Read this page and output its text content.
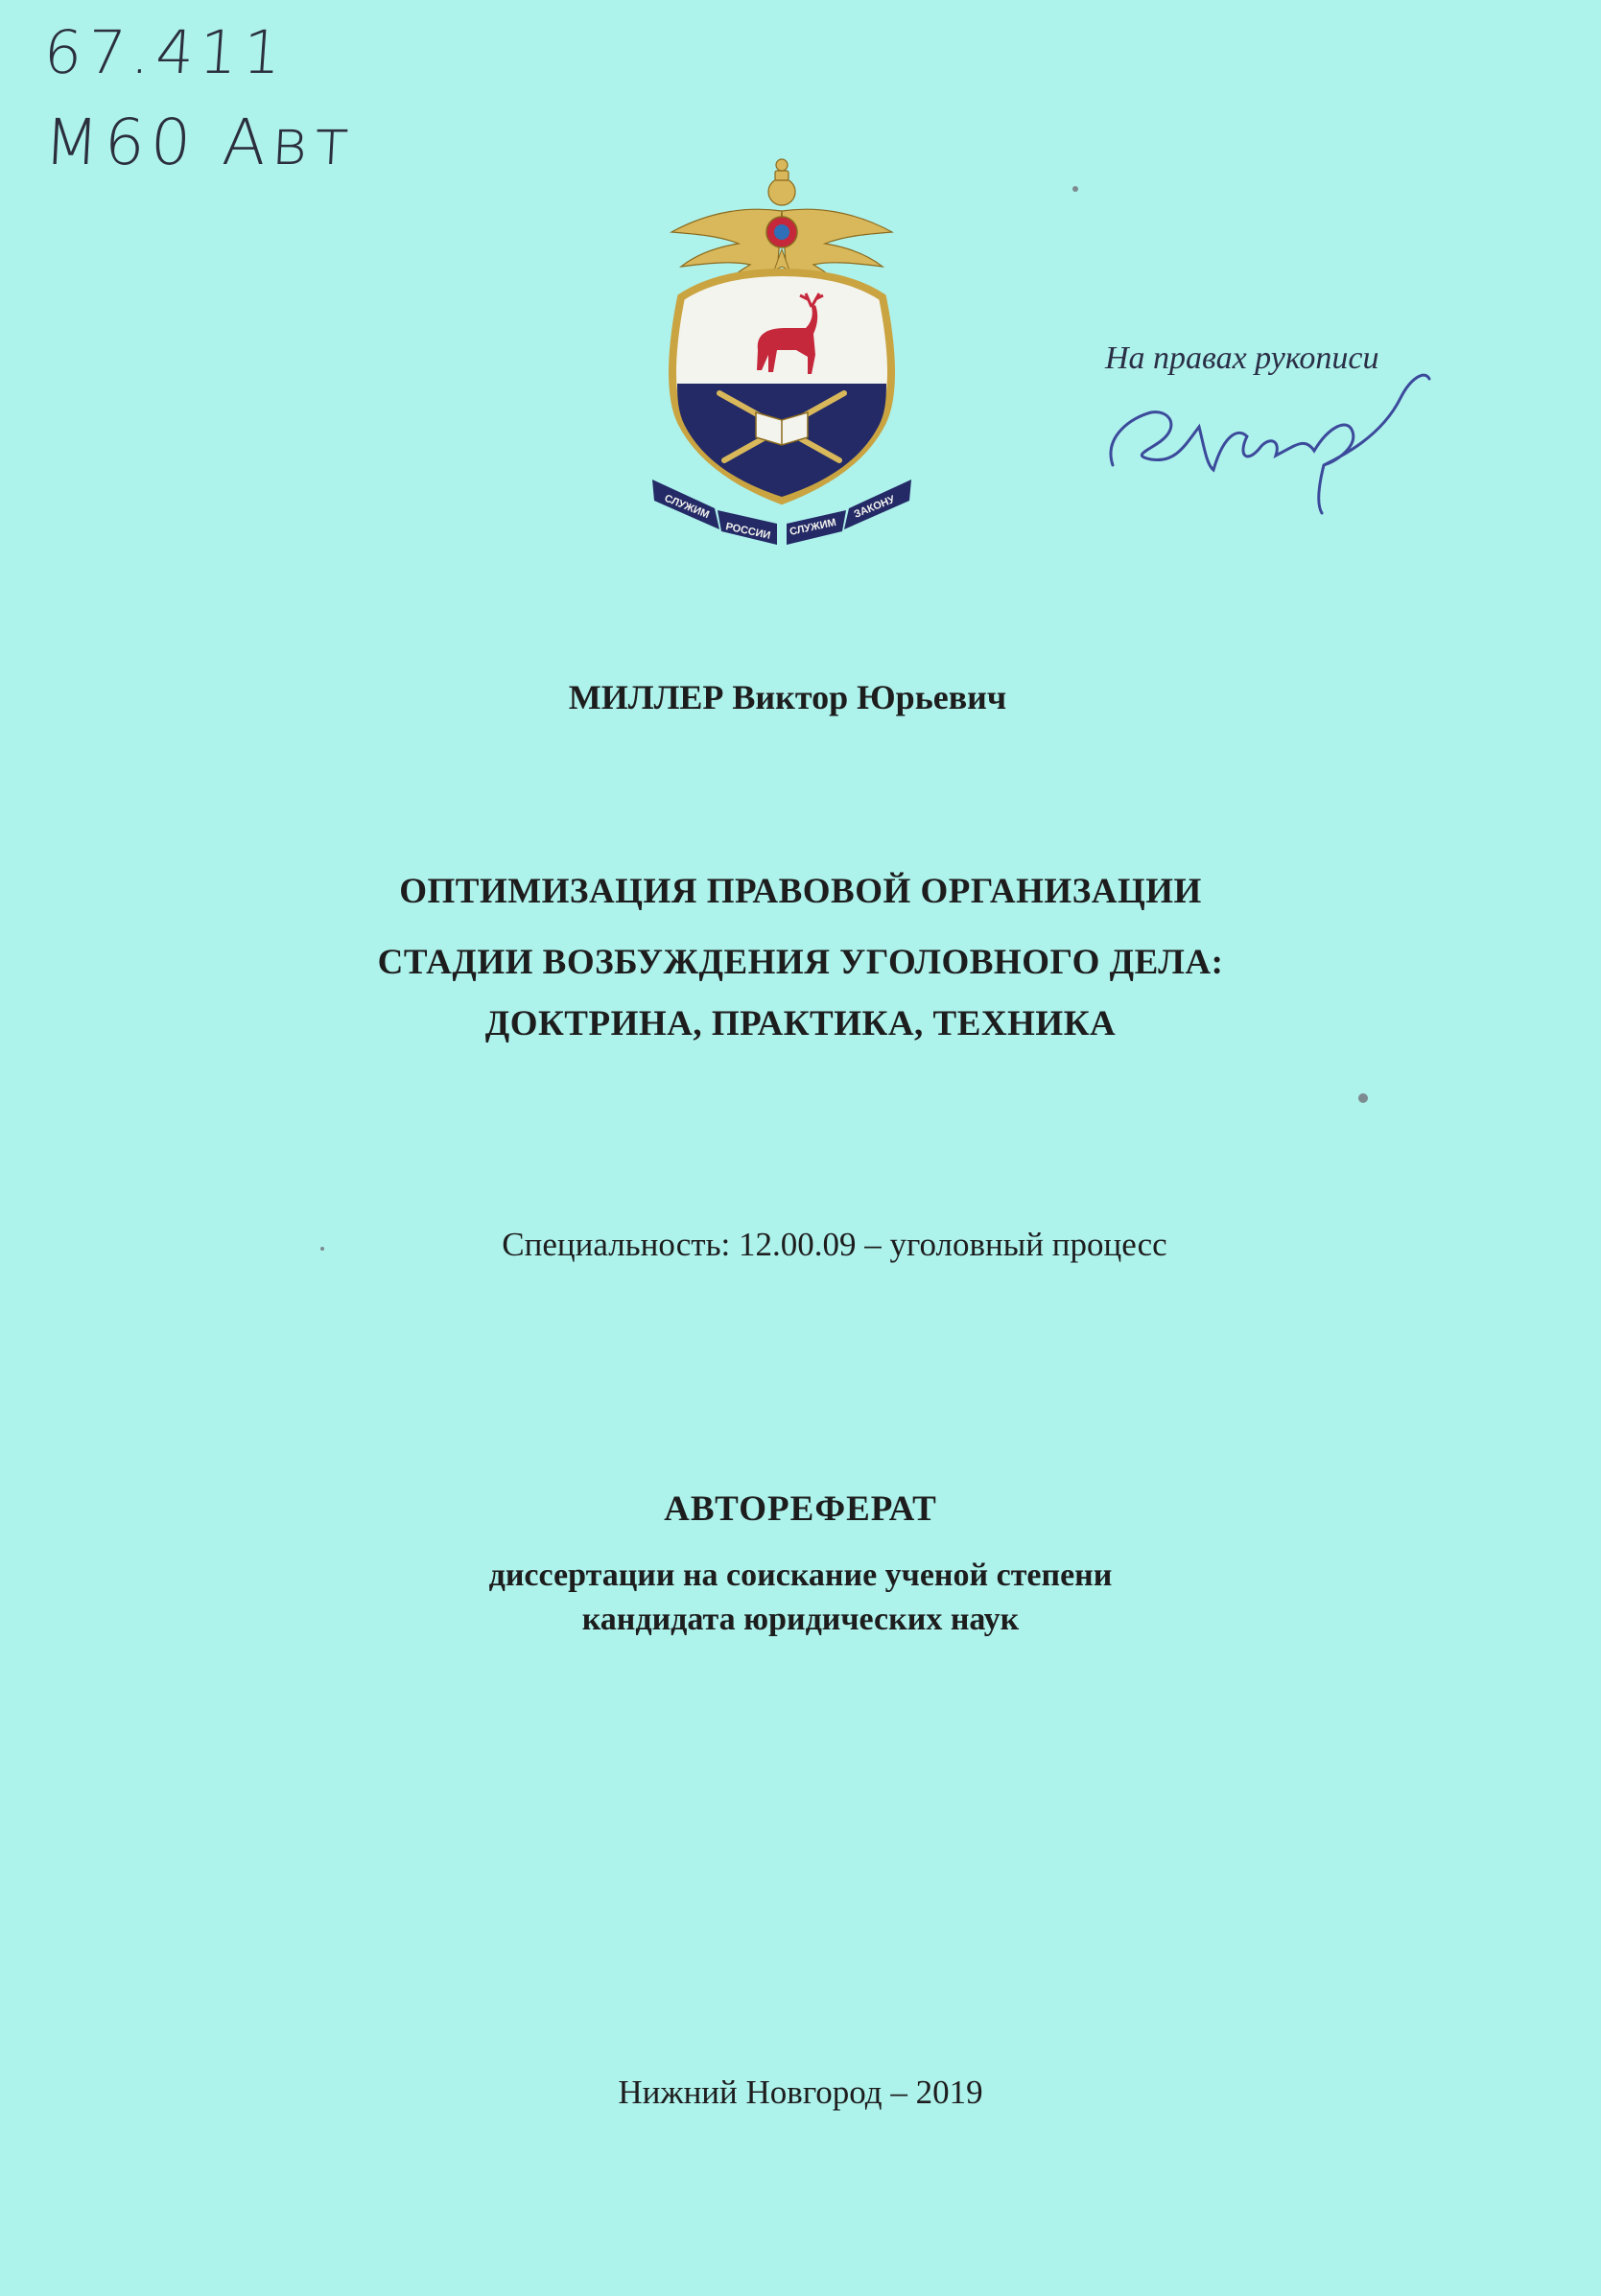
67.411
M60 Авт
СЛУЖИМ
РОССИИ СЛУЖИМ
ЗАКОНУ
На правах рукописи
МИЛЛЕР Виктор Юрьевич
ОПТИМИЗАЦИЯ ПРАВОВОЙ ОРГАНИЗАЦИИ
СТАДИИ ВОЗБУЖДЕНИЯ УГОЛОВНОГО ДЕЛА:
ДОКТРИНА, ПРАКТИКА, ТЕХНИКА
Специальность: 12.00.09 – уголовный процесс
АВТОРЕФЕРАТ
диссертации на соискание ученой степени
кандидата юридических наук
Нижний Новгород – 2019
